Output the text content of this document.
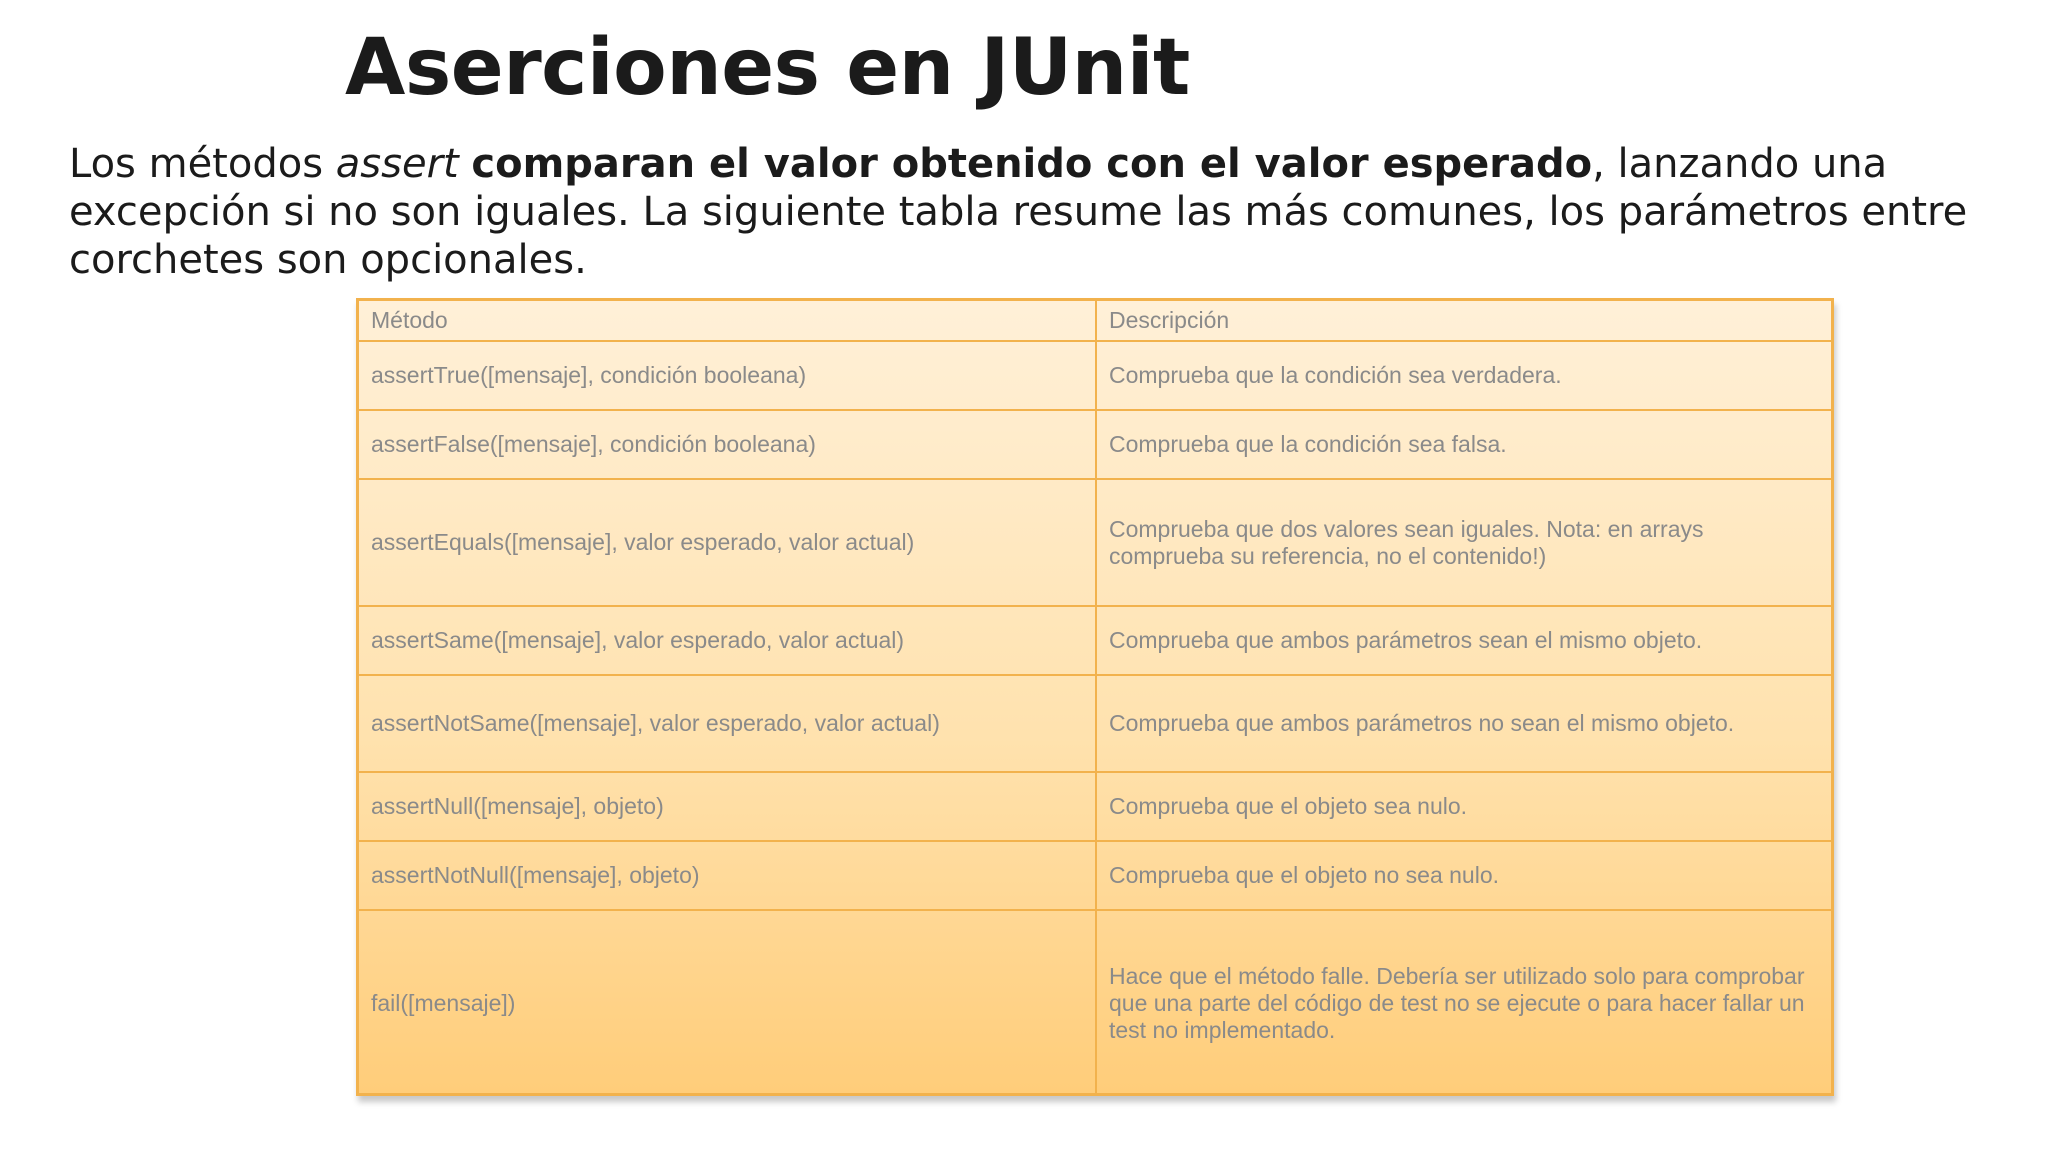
Aserciones en JUnit

Los métodos assert comparan el valor obtenido con el valor esperado, lanzando una excepción si no son iguales. La siguiente tabla resume las más comunes, los parámetros entre corchetes son opcionales.

Método	Descripción
assertTrue([mensaje], condición booleana)	Comprueba que la condición sea verdadera.
assertFalse([mensaje], condición booleana)	Comprueba que la condición sea falsa.
assertEquals([mensaje], valor esperado, valor actual)	Comprueba que dos valores sean iguales. Nota: en arrays comprueba su referencia, no el contenido!)
assertSame([mensaje], valor esperado, valor actual)	Comprueba que ambos parámetros sean el mismo objeto.
assertNotSame([mensaje], valor esperado, valor actual)	Comprueba que ambos parámetros no sean el mismo objeto.
assertNull([mensaje], objeto)	Comprueba que el objeto sea nulo.
assertNotNull([mensaje], objeto)	Comprueba que el objeto no sea nulo.
fail([mensaje])	Hace que el método falle. Debería ser utilizado solo para comprobar que una parte del código de test no se ejecute o para hacer fallar un test no implementado.
